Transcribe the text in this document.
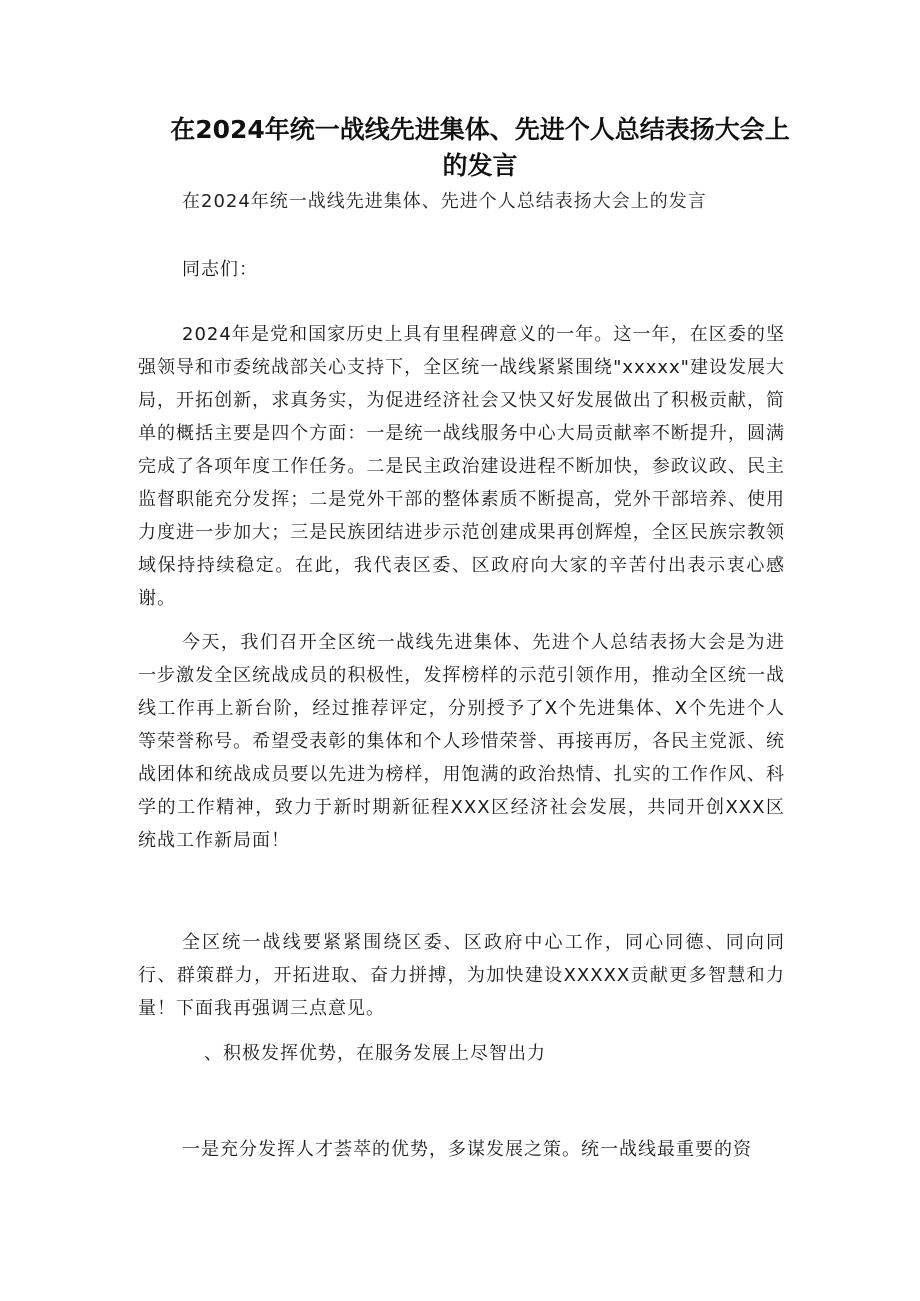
在2024年统一战线先进集体、先进个人总结表扬大会上的发言
在2024年统一战线先进集体、先进个人总结表扬大会上的发言
同志们：
2024年是党和国家历史上具有里程碑意义的一年。这一年，在区委的坚强领导和市委统战部关心支持下，全区统一战线紧紧围绕"xxxxx"建设发展大局，开拓创新，求真务实，为促进经济社会又快又好发展做出了积极贡献，简单的概括主要是四个方面：一是统一战线服务中心大局贡献率不断提升，圆满完成了各项年度工作任务。二是民主政治建设进程不断加快，参政议政、民主监督职能充分发挥；二是党外干部的整体素质不断提高，党外干部培养、使用力度进一步加大；三是民族团结进步示范创建成果再创辉煌，全区民族宗教领域保持持续稳定。在此，我代表区委、区政府向大家的辛苦付出表示衷心感谢。
今天，我们召开全区统一战线先进集体、先进个人总结表扬大会是为进一步激发全区统战成员的积极性，发挥榜样的示范引领作用，推动全区统一战线工作再上新台阶，经过推荐评定，分别授予了X个先进集体、X个先进个人等荣誉称号。希望受表彰的集体和个人珍惜荣誉、再接再厉，各民主党派、统战团体和统战成员要以先进为榜样，用饱满的政治热情、扎实的工作作风、科学的工作精神，致力于新时期新征程XXX区经济社会发展，共同开创XXX区统战工作新局面！
全区统一战线要紧紧围绕区委、区政府中心工作，同心同德、同向同行、群策群力，开拓进取、奋力拼搏，为加快建设XXXXX贡献更多智慧和力量！下面我再强调三点意见。
、积极发挥优势，在服务发展上尽智出力
一是充分发挥人才荟萃的优势，多谋发展之策。统一战线最重要的资
